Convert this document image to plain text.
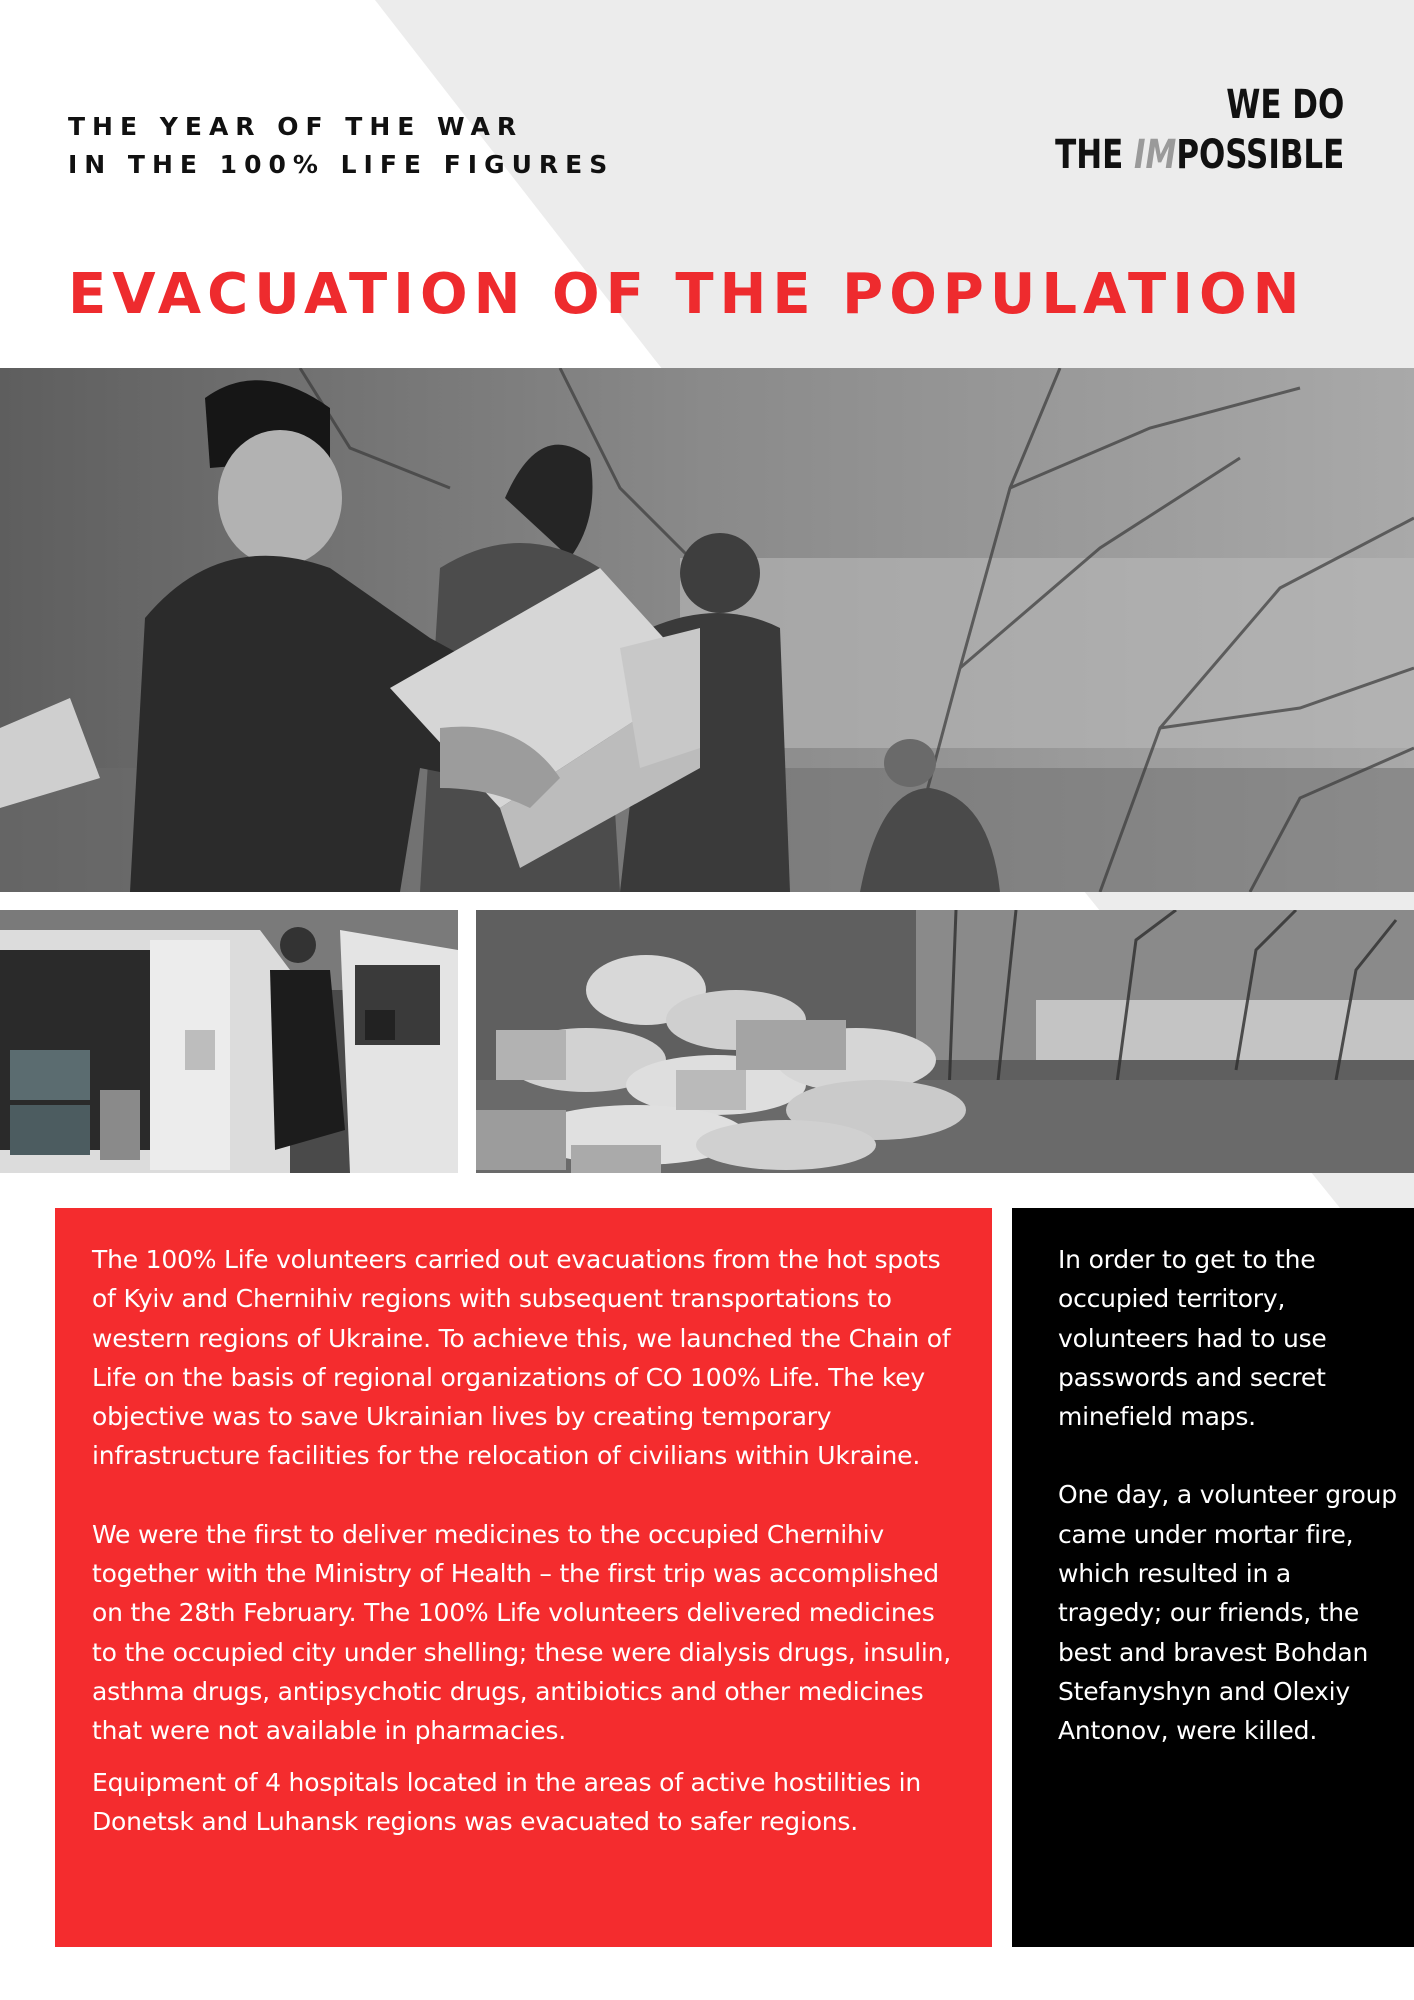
THE YEAR OF THE WAR
IN THE 100% LIFE FIGURES
WE DO
THE IMPOSSIBLE
EVACUATION OF THE POPULATION

The 100% Life volunteers carried out evacuations from the hot spots of Kyiv and Chernihiv regions with subsequent transportations to western regions of Ukraine. To achieve this, we launched the Chain of Life on the basis of regional organizations of CO 100% Life. The key objective was to save Ukrainian lives by creating temporary infrastructure facilities for the relocation of civilians within Ukraine.

We were the first to deliver medicines to the occupied Chernihiv together with the Ministry of Health – the first trip was accomplished on the 28th February. The 100% Life volunteers delivered medicines to the occupied city under shelling; these were dialysis drugs, insulin, asthma drugs, antipsychotic drugs, antibiotics and other medicines that were not available in pharmacies.

Equipment of 4 hospitals located in the areas of active hostilities in Donetsk and Luhansk regions was evacuated to safer regions.

In order to get to the occupied territory, volunteers had to use passwords and secret minefield maps.

One day, a volunteer group came under mortar fire, which resulted in a tragedy; our friends, the best and bravest Bohdan Stefanyshyn and Olexiy Antonov, were killed.
